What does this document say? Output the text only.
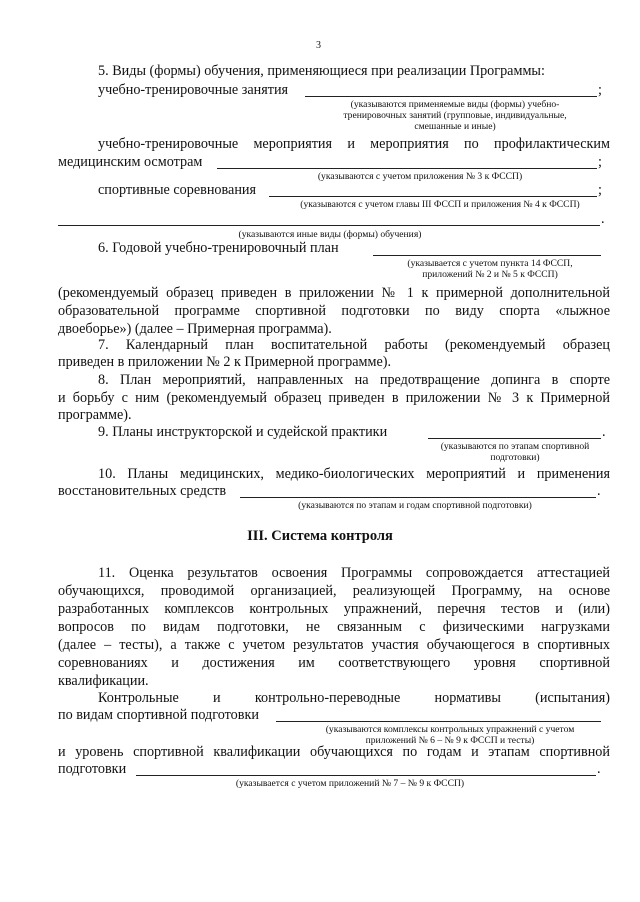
3
5. Виды (формы) обучения, применяющиеся при реализации Программы:
учебно-тренировочные занятия	;
(указываются применяемые виды (формы) учебно-тренировочных занятий (групповые, индивидуальные, смешанные и иные)
учебно-тренировочные мероприятия и мероприятия по профилактическим
медицинским осмотрам	;
(указываются с учетом приложения № 3 к ФССП)
спортивные соревнования	;
(указываются с учетом главы III ФССП и приложения № 4 к ФССП)
.
(указываются иные виды (формы) обучения)
6. Годовой учебно-тренировочный план
(указывается с учетом пункта 14 ФССП, приложений № 2 и № 5 к ФССП)
(рекомендуемый образец приведен в приложении № 1 к примерной дополнительной
образовательной программе спортивной подготовки по виду спорта «лыжное
двоеборье») (далее – Примерная программа).
7. Календарный план воспитательной работы (рекомендуемый образец
приведен в приложении № 2 к Примерной программе).
8. План мероприятий, направленных на предотвращение допинга в спорте
и борьбу с ним (рекомендуемый образец приведен в приложении № 3 к Примерной
программе).
9. Планы инструкторской и судейской практики	.
(указываются по этапам спортивной подготовки)
10. Планы медицинских, медико-биологических мероприятий и применения
восстановительных средств	.
(указываются по этапам и годам спортивной подготовки)
III. Система контроля
11. Оценка результатов освоения Программы сопровождается аттестацией
обучающихся, проводимой организацией, реализующей Программу, на основе
разработанных комплексов контрольных упражнений, перечня тестов и (или)
вопросов по видам подготовки, не связанным с физическими нагрузками
(далее – тесты), а также с учетом результатов участия обучающегося в спортивных
соревнованиях и достижения им соответствующего уровня спортивной
квалификации.
Контрольные и контрольно-переводные нормативы (испытания)
по видам спортивной подготовки
(указываются комплексы контрольных упражнений с учетом приложений № 6 – № 9 к ФССП и тесты)
и уровень спортивной квалификации обучающихся по годам и этапам спортивной
подготовки	.
(указывается с учетом приложений № 7 – № 9 к ФССП)
